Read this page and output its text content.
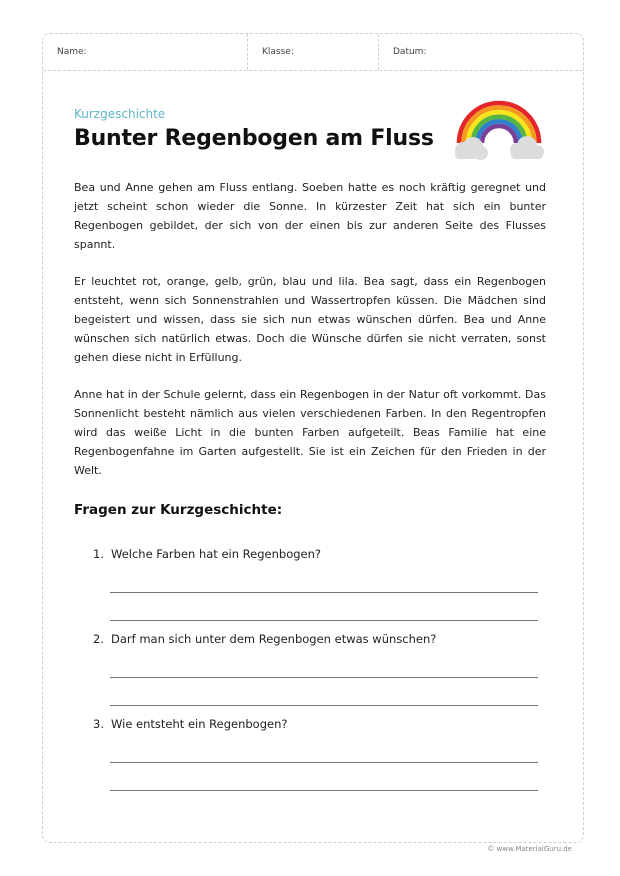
Name:	Klasse:	Datum:
Kurzgeschichte
Bunter Regenbogen am Fluss

Bea und Anne gehen am Fluss entlang. Soeben hatte es noch kräftig geregnet und jetzt scheint schon wieder die Sonne. In kürzester Zeit hat sich ein bunter Regenbogen gebildet, der sich von der einen bis zur anderen Seite des Flusses spannt.

Er leuchtet rot, orange, gelb, grün, blau und lila. Bea sagt, dass ein Regenbogen entsteht, wenn sich Sonnenstrahlen und Wassertropfen küssen. Die Mädchen sind begeistert und wissen, dass sie sich nun etwas wünschen dürfen. Bea und Anne wünschen sich natürlich etwas. Doch die Wünsche dürfen sie nicht verraten, sonst gehen diese nicht in Erfüllung.

Anne hat in der Schule gelernt, dass ein Regenbogen in der Natur oft vorkommt. Das Sonnenlicht besteht nämlich aus vielen verschiedenen Farben. In den Regentropfen wird das weiße Licht in die bunten Farben aufgeteilt. Beas Familie hat eine Regenbogenfahne im Garten aufgestellt. Sie ist ein Zeichen für den Frieden in der Welt.

Fragen zur Kurzgeschichte:
1. Welche Farben hat ein Regenbogen?
2. Darf man sich unter dem Regenbogen etwas wünschen?
3. Wie entsteht ein Regenbogen?
© www.MaterialGuru.de
